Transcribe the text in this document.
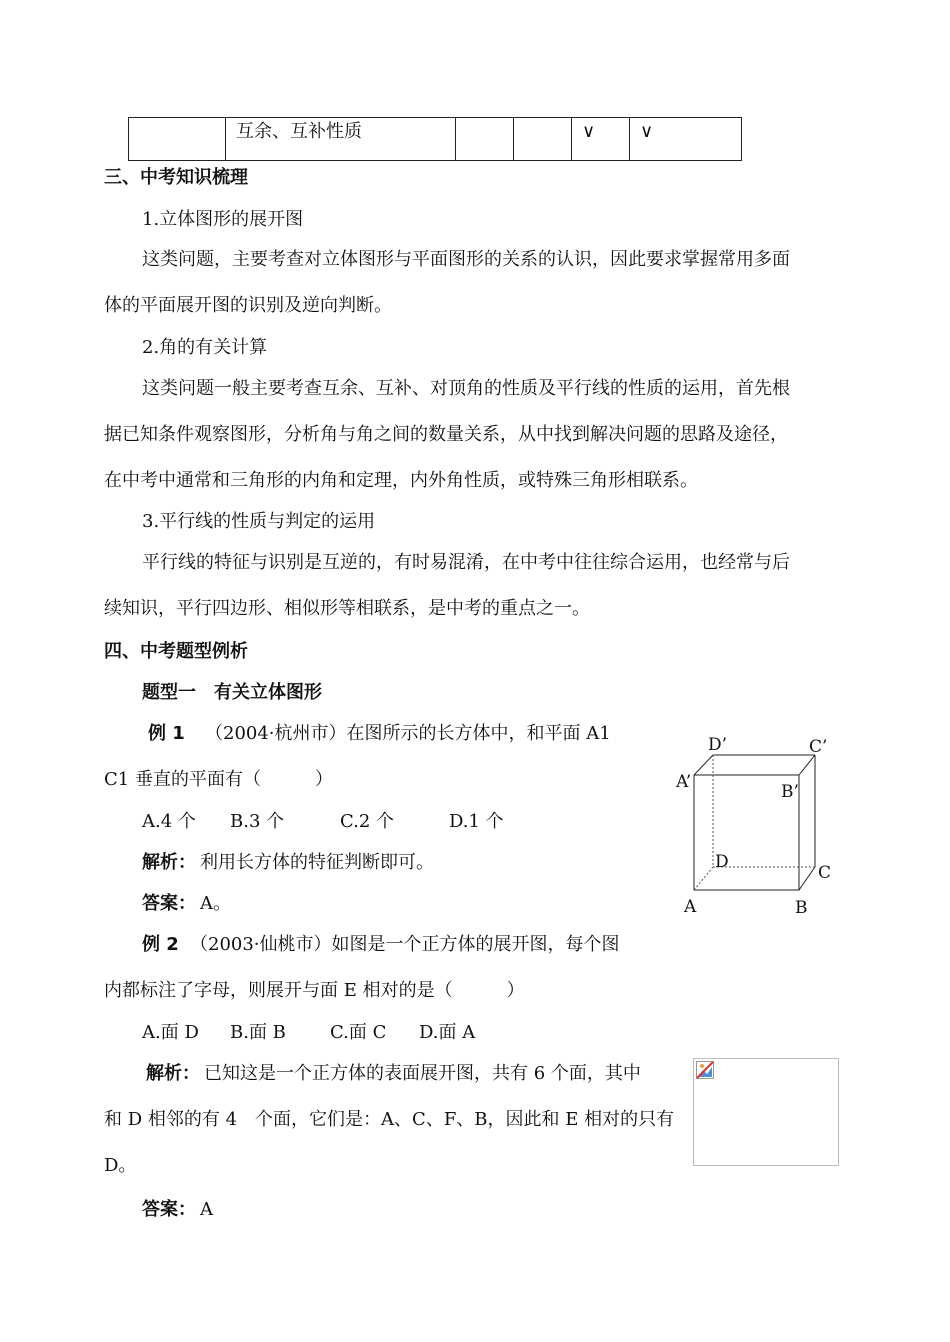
	互余、互补性质			∨	∨
三、中考知识梳理
1.立体图形的展开图
这类问题，主要考查对立体图形与平面图形的关系的认识，因此要求掌握常用多面
体的平面展开图的识别及逆向判断。
2.角的有关计算
这类问题一般主要考查互余、互补、对顶角的性质及平行线的性质的运用，首先根
据已知条件观察图形，分析角与角之间的数量关系，从中找到解决问题的思路及途径，
在中考中通常和三角形的内角和定理，内外角性质，或特殊三角形相联系。
3.平行线的性质与判定的运用
平行线的特征与识别是互逆的，有时易混淆，在中考中往往综合运用，也经常与后
续知识，平行四边形、相似形等相联系，是中考的重点之一。
四、中考题型例析
题型一　有关立体图形
例 1 （2004·杭州市）在图所示的长方体中，和平面 A1
C1 垂直的平面有（　　　）
A.4 个 B.3 个	C.2 个	D.1 个
解析： 利用长方体的特征判断即可。
答案： A。
D’	C’
A’	B’
D
C
A	B
例 2 （2003·仙桃市）如图是一个正方体的展开图，每个图
内都标注了字母，则展开与面 E 相对的是（　　　）
A.面 D B.面 B C.面 C D.面 A
解析： 已知这是一个正方体的表面展开图，共有 6 个面，其中
和 D 相邻的有 4　个面，它们是：A、C、F、B，因此和 E 相对的只有
D。
答案： A
